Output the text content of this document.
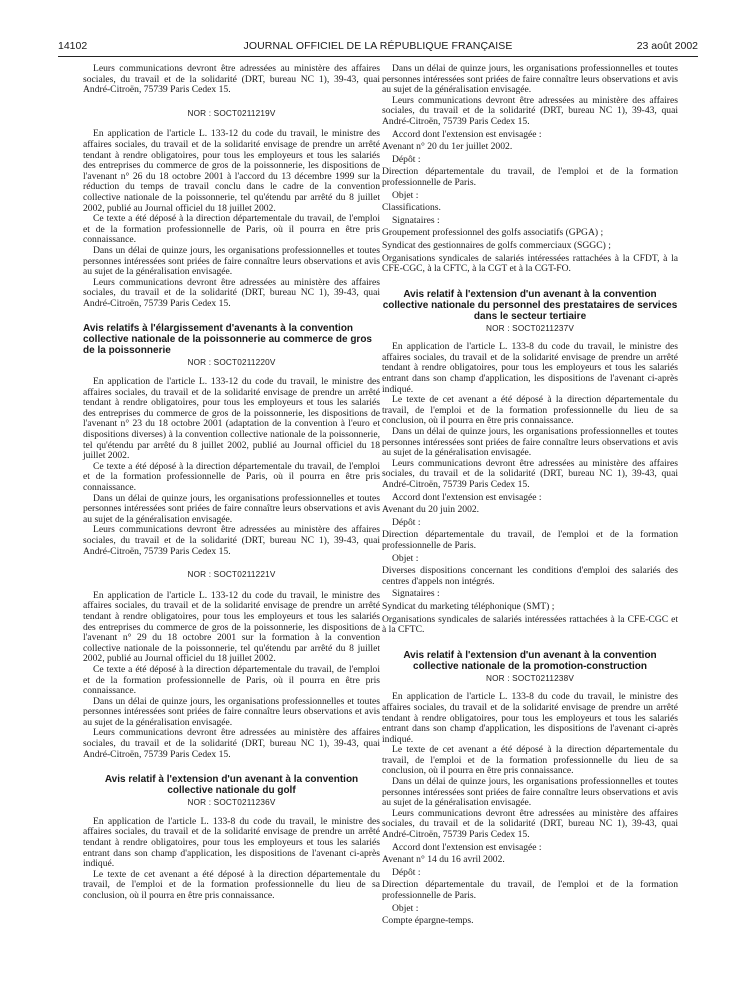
14102	JOURNAL OFFICIEL DE LA RÉPUBLIQUE FRANÇAISE	23 août 2002

Leurs communications devront être adressées au ministère des affaires sociales, du travail et de la solidarité (DRT, bureau NC 1), 39-43, quai André-Citroën, 75739 Paris Cedex 15.

NOR : SOCT0211219V

En application de l'article L. 133-12 du code du travail, le ministre des affaires sociales, du travail et de la solidarité envisage de prendre un arrêté tendant à rendre obligatoires, pour tous les employeurs et tous les salariés des entreprises du commerce de gros de la poissonnerie, les dispositions de l'avenant n° 26 du 18 octobre 2001 à l'accord du 13 décembre 1999 sur la réduction du temps de travail conclu dans le cadre de la convention collective nationale de la poissonnerie, tel qu'étendu par arrêté du 8 juillet 2002, publié au Journal officiel du 18 juillet 2002.

Ce texte a été déposé à la direction départementale du travail, de l'emploi et de la formation professionnelle de Paris, où il pourra en être pris connaissance.

Dans un délai de quinze jours, les organisations professionnelles et toutes personnes intéressées sont priées de faire connaître leurs observations et avis au sujet de la généralisation envisagée.

Leurs communications devront être adressées au ministère des affaires sociales, du travail et de la solidarité (DRT, bureau NC 1), 39-43, quai André-Citroën, 75739 Paris Cedex 15.

Avis relatifs à l'élargissement d'avenants à la convention collective nationale de la poissonnerie au commerce de gros de la poissonnerie
NOR : SOCT0211220V

En application de l'article L. 133-12 du code du travail, le ministre des affaires sociales, du travail et de la solidarité envisage de prendre un arrêté tendant à rendre obligatoires, pour tous les employeurs et tous les salariés des entreprises du commerce de gros de la poissonnerie, les dispositions de l'avenant n° 23 du 18 octobre 2001 (adaptation de la convention à l'euro et dispositions diverses) à la convention collective nationale de la poissonnerie, tel qu'étendu par arrêté du 8 juillet 2002, publié au Journal officiel du 18 juillet 2002.

Ce texte a été déposé à la direction départementale du travail, de l'emploi et de la formation professionnelle de Paris, où il pourra en être pris connaissance.

Dans un délai de quinze jours, les organisations professionnelles et toutes personnes intéressées sont priées de faire connaître leurs observations et avis au sujet de la généralisation envisagée.

Leurs communications devront être adressées au ministère des affaires sociales, du travail et de la solidarité (DRT, bureau NC 1), 39-43, quai André-Citroën, 75739 Paris Cedex 15.

NOR : SOCT0211221V

En application de l'article L. 133-12 du code du travail, le ministre des affaires sociales, du travail et de la solidarité envisage de prendre un arrêté tendant à rendre obligatoires, pour tous les employeurs et tous les salariés des entreprises du commerce de gros de la poissonnerie, les dispositions de l'avenant n° 29 du 18 octobre 2001 sur la formation à la convention collective nationale de la poissonnerie, tel qu'étendu par arrêté du 8 juillet 2002, publié au Journal officiel du 18 juillet 2002.

Ce texte a été déposé à la direction départementale du travail, de l'emploi et de la formation professionnelle de Paris, où il pourra en être pris connaissance.

Dans un délai de quinze jours, les organisations professionnelles et toutes personnes intéressées sont priées de faire connaître leurs observations et avis au sujet de la généralisation envisagée.

Leurs communications devront être adressées au ministère des affaires sociales, du travail et de la solidarité (DRT, bureau NC 1), 39-43, quai André-Citroën, 75739 Paris Cedex 15.

Avis relatif à l'extension d'un avenant à la convention collective nationale du golf
NOR : SOCT0211236V

En application de l'article L. 133-8 du code du travail, le ministre des affaires sociales, du travail et de la solidarité envisage de prendre un arrêté tendant à rendre obligatoires, pour tous les employeurs et tous les salariés entrant dans son champ d'application, les dispositions de l'avenant ci-après indiqué.

Le texte de cet avenant a été déposé à la direction départementale du travail, de l'emploi et de la formation professionnelle du lieu de sa conclusion, où il pourra en être pris connaissance.

Dans un délai de quinze jours, les organisations professionnelles et toutes personnes intéressées sont priées de faire connaître leurs observations et avis au sujet de la généralisation envisagée.

Leurs communications devront être adressées au ministère des affaires sociales, du travail et de la solidarité (DRT, bureau NC 1), 39-43, quai André-Citroën, 75739 Paris Cedex 15.

Accord dont l'extension est envisagée :

Avenant n° 20 du 1er juillet 2002.

Dépôt :

Direction départementale du travail, de l'emploi et de la formation professionnelle de Paris.

Objet :

Classifications.

Signataires :

Groupement professionnel des golfs associatifs (GPGA) ;

Syndicat des gestionnaires de golfs commerciaux (SGGC) ;

Organisations syndicales de salariés intéressées rattachées à la CFDT, à la CFE-CGC, à la CFTC, à la CGT et à la CGT-FO.

Avis relatif à l'extension d'un avenant à la convention collective nationale du personnel des prestataires de services dans le secteur tertiaire
NOR : SOCT0211237V

En application de l'article L. 133-8 du code du travail, le ministre des affaires sociales, du travail et de la solidarité envisage de prendre un arrêté tendant à rendre obligatoires, pour tous les employeurs et tous les salariés entrant dans son champ d'application, les dispositions de l'avenant ci-après indiqué.

Le texte de cet avenant a été déposé à la direction départementale du travail, de l'emploi et de la formation professionnelle du lieu de sa conclusion, où il pourra en être pris connaissance.

Dans un délai de quinze jours, les organisations professionnelles et toutes personnes intéressées sont priées de faire connaître leurs observations et avis au sujet de la généralisation envisagée.

Leurs communications devront être adressées au ministère des affaires sociales, du travail et de la solidarité (DRT, bureau NC 1), 39-43, quai André-Citroën, 75739 Paris Cedex 15.

Accord dont l'extension est envisagée :

Avenant du 20 juin 2002.

Dépôt :

Direction départementale du travail, de l'emploi et de la formation professionnelle de Paris.

Objet :

Diverses dispositions concernant les conditions d'emploi des salariés des centres d'appels non intégrés.

Signataires :

Syndicat du marketing téléphonique (SMT) ;

Organisations syndicales de salariés intéressées rattachées à la CFE-CGC et à la CFTC.

Avis relatif à l'extension d'un avenant à la convention collective nationale de la promotion-construction
NOR : SOCT0211238V

En application de l'article L. 133-8 du code du travail, le ministre des affaires sociales, du travail et de la solidarité envisage de prendre un arrêté tendant à rendre obligatoires, pour tous les employeurs et tous les salariés entrant dans son champ d'application, les dispositions de l'avenant ci-après indiqué.

Le texte de cet avenant a été déposé à la direction départementale du travail, de l'emploi et de la formation professionnelle du lieu de sa conclusion, où il pourra en être pris connaissance.

Dans un délai de quinze jours, les organisations professionnelles et toutes personnes intéressées sont priées de faire connaître leurs observations et avis au sujet de la généralisation envisagée.

Leurs communications devront être adressées au ministère des affaires sociales, du travail et de la solidarité (DRT, bureau NC 1), 39-43, quai André-Citroën, 75739 Paris Cedex 15.

Accord dont l'extension est envisagée :

Avenant n° 14 du 16 avril 2002.

Dépôt :

Direction départementale du travail, de l'emploi et de la formation professionnelle de Paris.

Objet :

Compte épargne-temps.
